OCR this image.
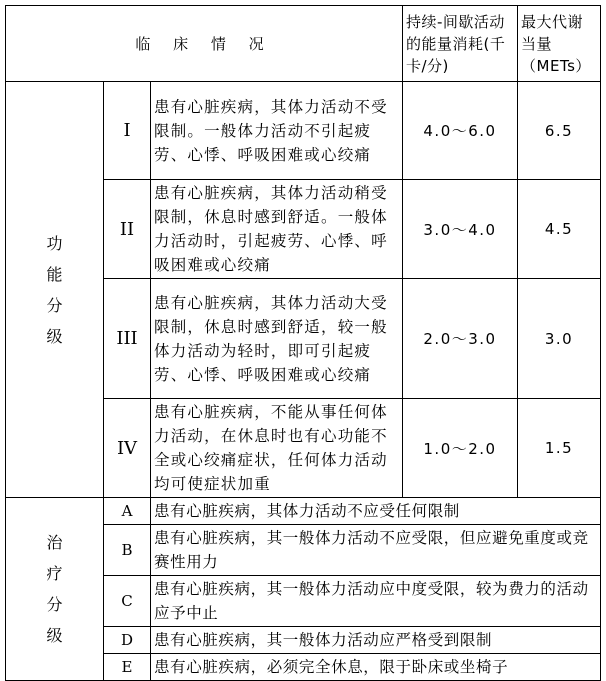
临 床 情 况			持续-间歇活动的能量消耗(千卡/分)	最大代谢当量（METs）
功
能
分
级	I	患有心脏疾病，其体力活动不受限制。一般体力活动不引起疲劳、心悸、呼吸困难或心绞痛	4.0～6.0	6.5
	II	患有心脏疾病，其体力活动稍受限制，休息时感到舒适。一般体力活动时，引起疲劳、心悸、呼吸困难或心绞痛	3.0～4.0	4.5
	III	患有心脏疾病，其体力活动大受限制，休息时感到舒适，较一般体力活动为轻时，即可引起疲劳、心悸、呼吸困难或心绞痛	2.0～3.0	3.0
	IV	患有心脏疾病，不能从事任何体力活动，在休息时也有心功能不全或心绞痛症状，任何体力活动均可使症状加重	1.0～2.0	1.5
治
疗
分
级	A	患有心脏疾病，其体力活动不应受任何限制		
	B	患有心脏疾病，其一般体力活动不应受限，但应避免重度或竞赛性用力		
	C	患有心脏疾病，其一般体力活动应中度受限，较为费力的活动应予中止		
	D	患有心脏疾病，其一般体力活动应严格受到限制		
	E	患有心脏疾病，必须完全休息，限于卧床或坐椅子		
